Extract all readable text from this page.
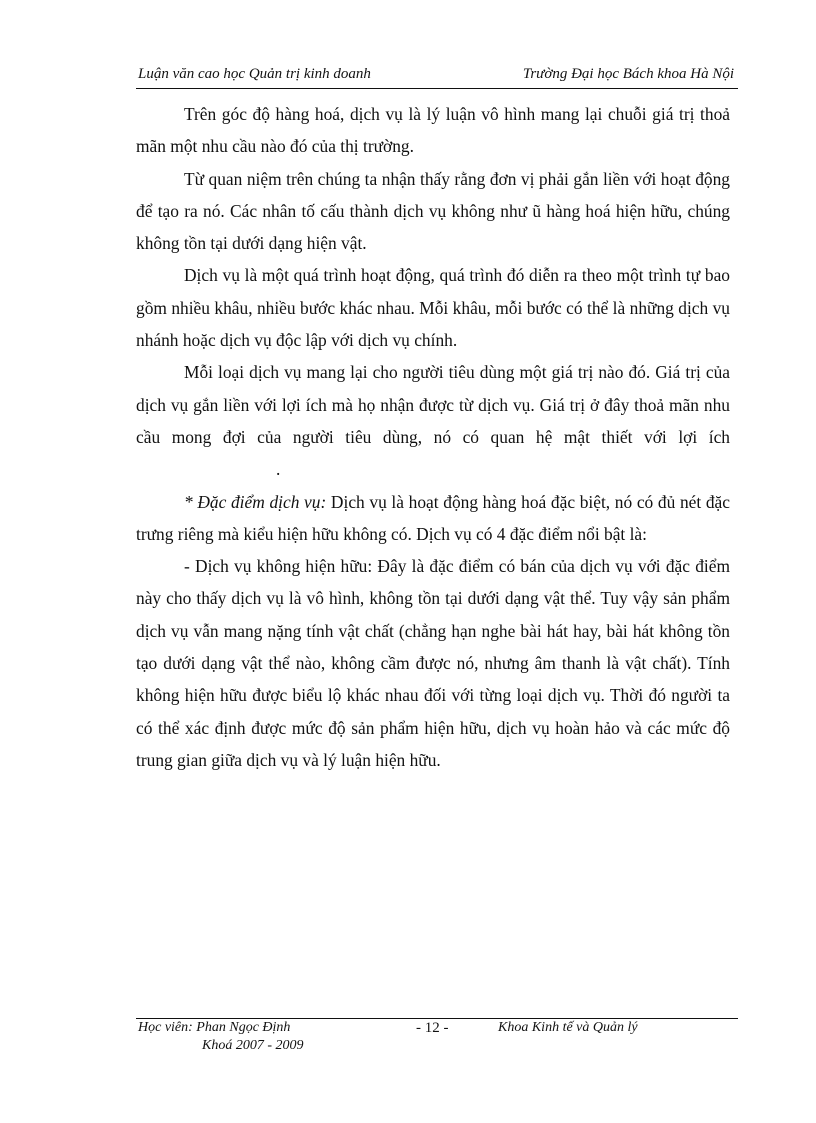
Luận văn cao học Quản trị kinh doanh	Trường Đại học Bách khoa Hà Nội

Trên góc độ hàng hoá, dịch vụ là lý luận vô hình mang lại chuỗi giá trị thoả mãn một nhu cầu nào đó của thị trường.

Từ quan niệm trên chúng ta nhận thấy rằng đơn vị phải gắn liền với hoạt động để tạo ra nó. Các nhân tố cấu thành dịch vụ không như ũ hàng hoá hiện hữu, chúng không tồn tại dưới dạng hiện vật.

Dịch vụ là một quá trình hoạt động, quá trình đó diễn ra theo một trình tự bao gồm nhiều khâu, nhiều bước khác nhau. Mỗi khâu, mỗi bước có thể là những dịch vụ nhánh hoặc dịch vụ độc lập với dịch vụ chính.

Mỗi loại dịch vụ mang lại cho người tiêu dùng một giá trị nào đó. Giá trị của dịch vụ gắn liền với lợi ích mà họ nhận được từ dịch vụ. Giá trị ở đây thoả mãn nhu cầu mong đợi của người tiêu dùng, nó có quan hệ mật thiết với lợi ích.

* Đặc điểm dịch vụ: Dịch vụ là hoạt động hàng hoá đặc biệt, nó có đủ nét đặc trưng riêng mà kiểu hiện hữu không có. Dịch vụ có 4 đặc điểm nổi bật là:

- Dịch vụ không hiện hữu: Đây là đặc điểm có bán của dịch vụ với đặc điểm này cho thấy dịch vụ là vô hình, không tồn tại dưới dạng vật thể. Tuy vậy sản phẩm dịch vụ vẫn mang nặng tính vật chất (chẳng hạn nghe bài hát hay, bài hát không tồn tạo dưới dạng vật thể nào, không cầm được nó, nhưng âm thanh là vật chất). Tính không hiện hữu được biểu lộ khác nhau đối với từng loại dịch vụ. Thời đó người ta có thể xác định được mức độ sản phẩm hiện hữu, dịch vụ hoàn hảo và các mức độ trung gian giữa dịch vụ và lý luận hiện hữu.

Học viên: Phan Ngọc Định
Khoá 2007 - 2009
- 12 -	Khoa Kinh tế và Quản lý
